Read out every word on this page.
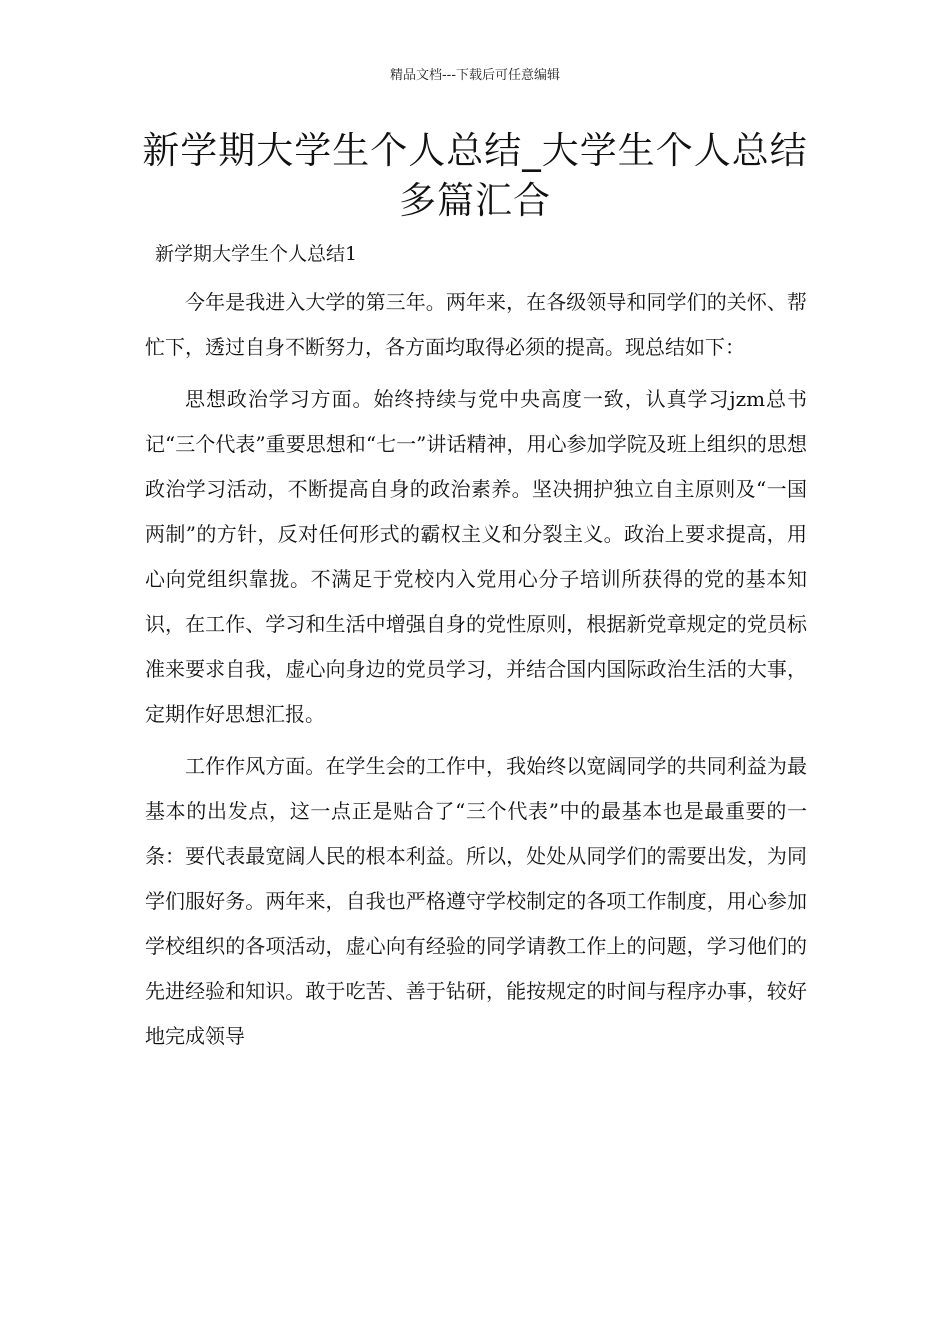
精品文档---下载后可任意编辑
新学期大学生个人总结_大学生个人总结多篇汇合
新学期大学生个人总结1

今年是我进入大学的第三年。两年来，在各级领导和同学们的关怀、帮忙下，透过自身不断努力，各方面均取得必须的提高。现总结如下：

思想政治学习方面。始终持续与党中央高度一致，认真学习jzm总书记“三个代表”重要思想和“七一”讲话精神，用心参加学院及班上组织的思想政治学习活动，不断提高自身的政治素养。坚决拥护独立自主原则及“一国两制”的方针，反对任何形式的霸权主义和分裂主义。政治上要求提高，用心向党组织靠拢。不满足于党校内入党用心分子培训所获得的党的基本知识，在工作、学习和生活中增强自身的党性原则，根据新党章规定的党员标准来要求自我，虚心向身边的党员学习，并结合国内国际政治生活的大事，定期作好思想汇报。

工作作风方面。在学生会的工作中，我始终以宽阔同学的共同利益为最基本的出发点，这一点正是贴合了“三个代表”中的最基本也是最重要的一条：要代表最宽阔人民的根本利益。所以，处处从同学们的需要出发，为同学们服好务。两年来，自我也严格遵守学校制定的各项工作制度，用心参加学校组织的各项活动，虚心向有经验的同学请教工作上的问题，学习他们的先进经验和知识。敢于吃苦、善于钻研，能按规定的时间与程序办事，较好地完成领导
